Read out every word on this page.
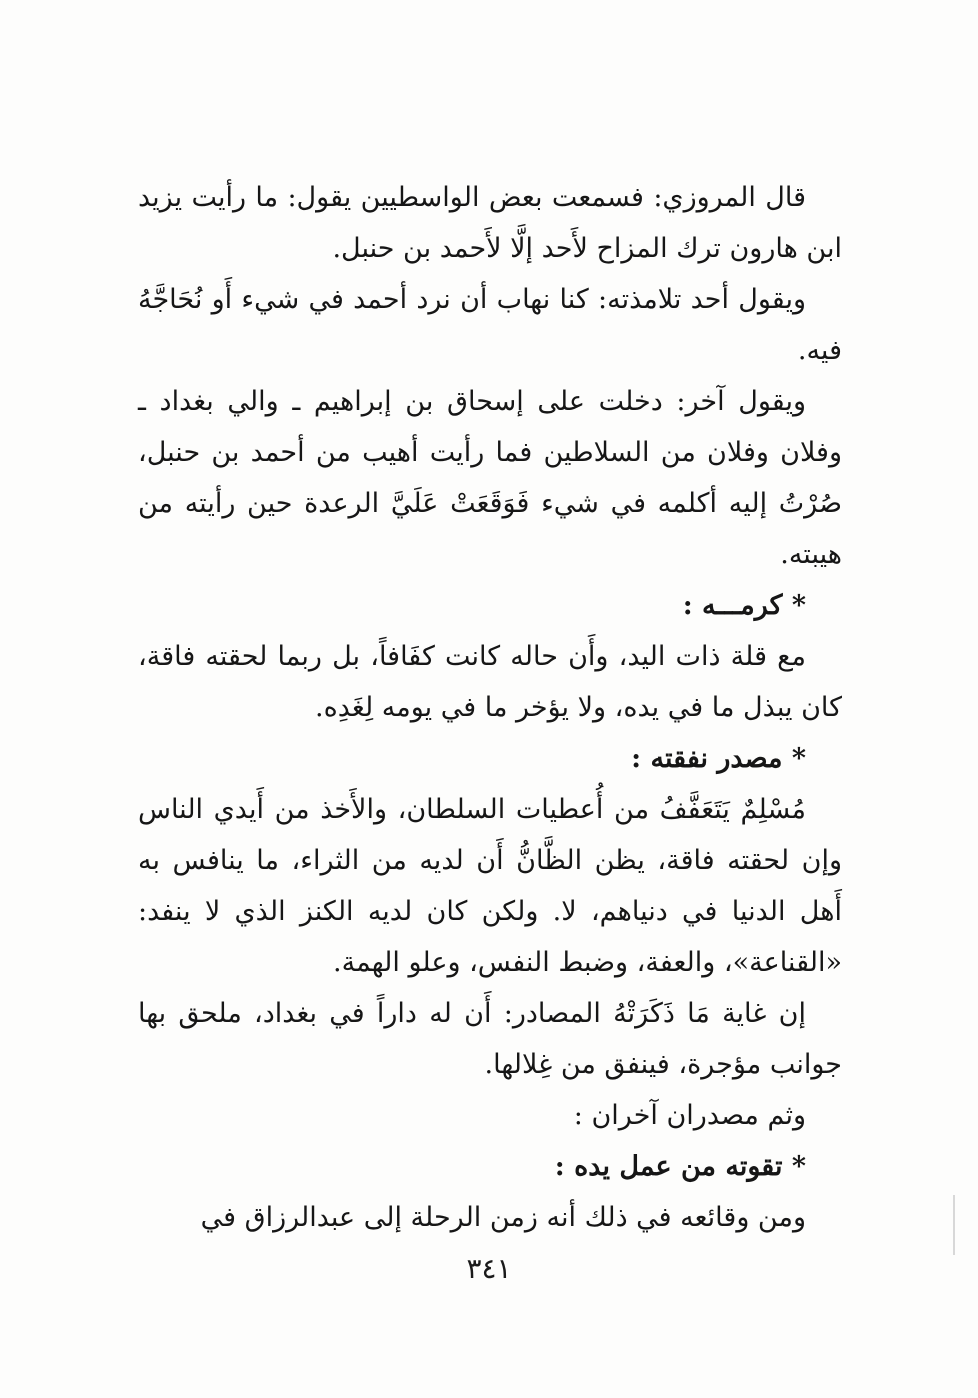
قال المروزي: فسمعت بعض الواسطيين يقول: ما رأيت يزيد ابن هارون ترك المزاح لأَحد إلَّا لأَحمد بن حنبل.

ويقول أحد تلامذته: كنا نهاب أن نرد أحمد في شيء أَو نُحَاجَّهُ فيه.

ويقول آخر: دخلت على إسحاق بن إبراهيم ـ والي بغداد ـ وفلان وفلان من السلاطين فما رأيت أهيب من أحمد بن حنبل، صُرْتُ إليه أكلمه في شيء فَوَقَعَتْ عَلَيَّ الرعدة حين رأيته من هيبته.

* كرمـــه :

مع قلة ذات اليد، وأَن حاله كانت كفَافاً، بل ربما لحقته فاقة، كان يبذل ما في يده، ولا يؤخر ما في يومه لِغَدِه.

* مصدر نفقته :

مُسْلِمٌ يَتَعَفَّفُ من أُعطيات السلطان، والأَخذ من أَيدي الناس وإن لحقته فاقة، يظن الظَّانُّ أَن لديه من الثراء، ما ينافس به أَهل الدنيا في دنياهم، لا. ولكن كان لديه الكنز الذي لا ينفد: «القناعة»، والعفة، وضبط النفس، وعلو الهمة.

إن غاية مَا ذَكَرَتْهُ المصادر: أَن له داراً في بغداد، ملحق بها جوانب مؤجرة، فينفق من غِلالها.

وثم مصدران آخران :

* تقوته من عمل يده :

ومن وقائعه في ذلك أنه زمن الرحلة إلى عبدالرزاق في

٣٤١
